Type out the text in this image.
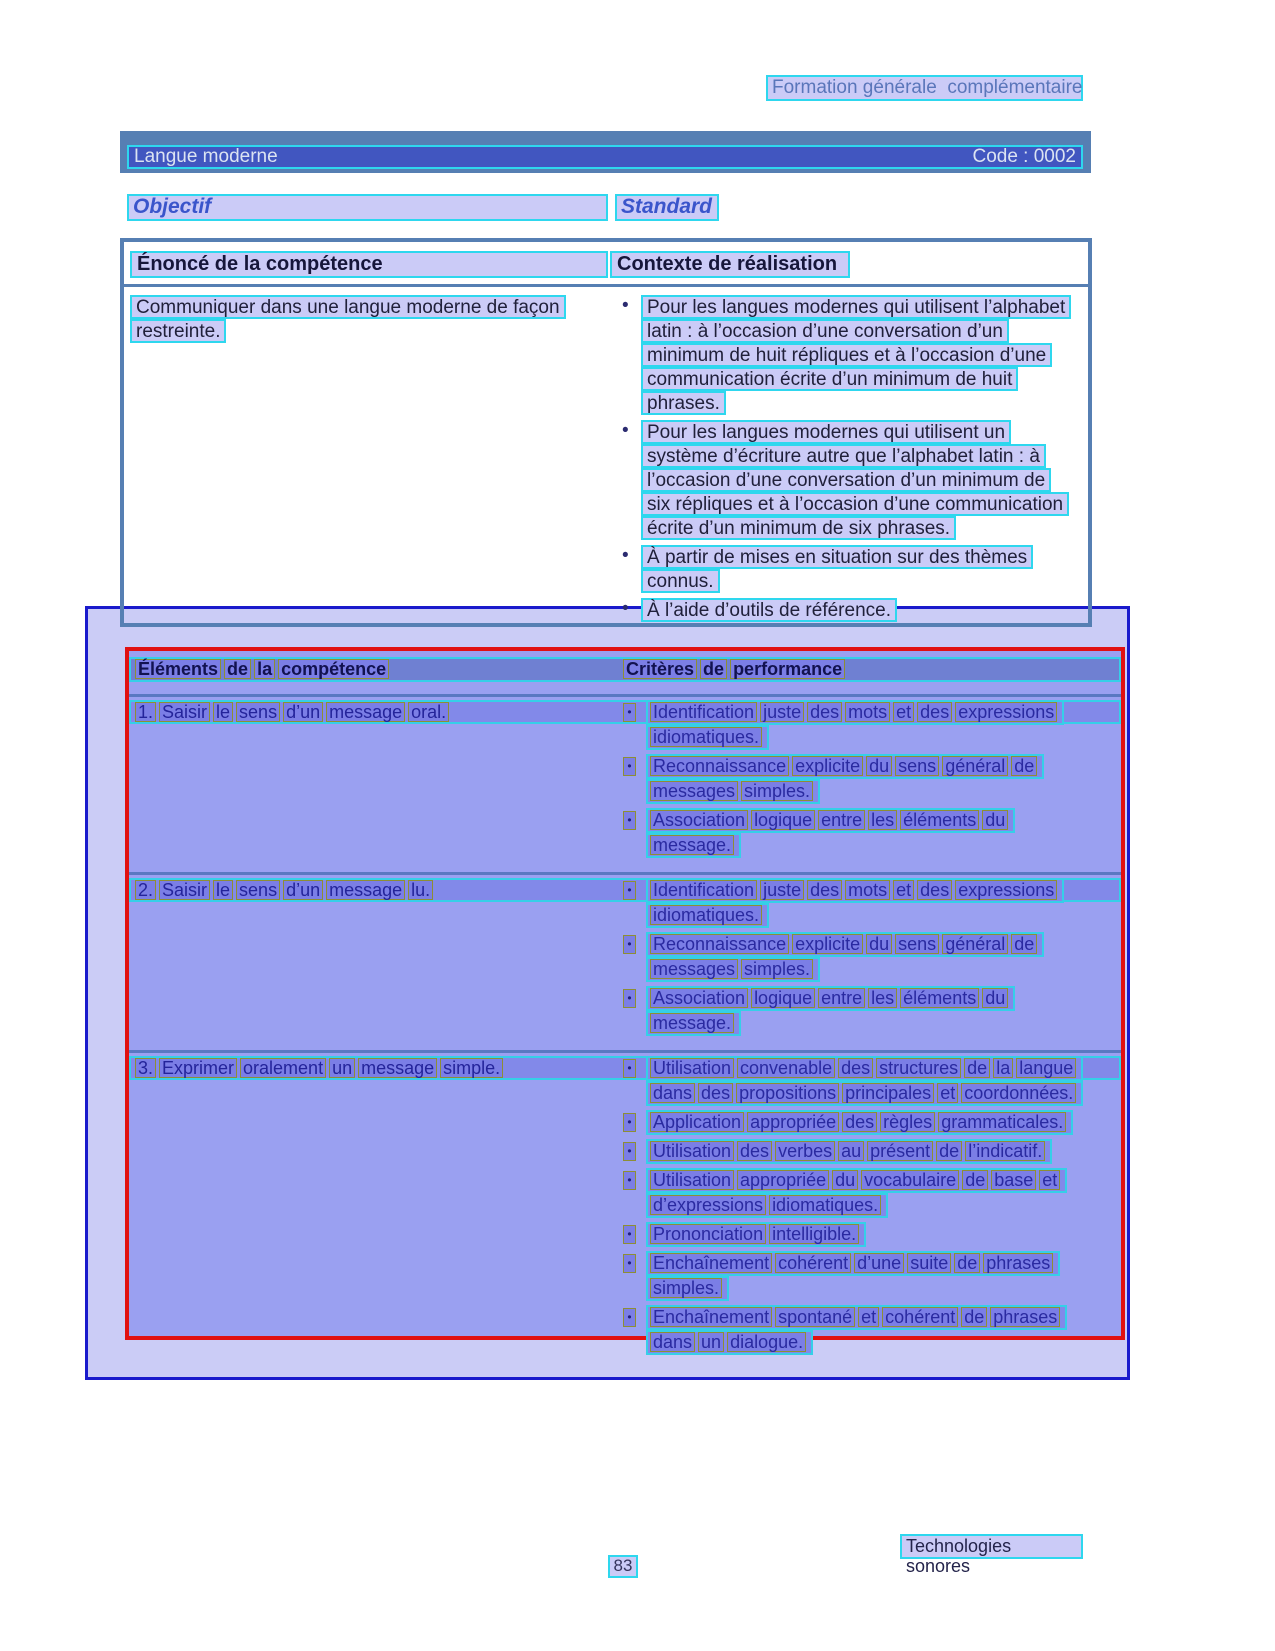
Formation générale  complémentaire
Langue moderne	Code : 0002
Objectif	Standard
Énoncé de la compétence	Contexte de réalisation
Communiquer dans une langue moderne de façon
restreinte.
• Pour les langues modernes qui utilisent l’alphabet
latin : à l’occasion d’une conversation d’un
minimum de huit répliques et à l’occasion d’une
communication écrite d’un minimum de huit
phrases.
• Pour les langues modernes qui utilisent un
système d’écriture autre que l’alphabet latin : à
l’occasion d’une conversation d’un minimum de
six répliques et à l’occasion d’une communication
écrite d’un minimum de six phrases.
• À partir de mises en situation sur des thèmes
connus.
• À l’aide d’outils de référence.
Éléments de la compétence	Critères de performance
1. Saisir le sens d’un message oral.	•	Identification juste des mots et des expressions
idiomatiques.
•	Reconnaissance explicite du sens général de
messages simples.
•	Association logique entre les éléments du
message.
2. Saisir le sens d’un message lu.	•	Identification juste des mots et des expressions
idiomatiques.
•	Reconnaissance explicite du sens général de
messages simples.
•	Association logique entre les éléments du
message.
3. Exprimer oralement un message simple.	•	Utilisation convenable des structures de la langue
dans des propositions principales et coordonnées.
•	Application appropriée des règles grammaticales.
•	Utilisation des verbes au présent de l’indicatif.
•	Utilisation appropriée du vocabulaire de base et
d’expressions idiomatiques.
•	Prononciation intelligible.
•	Enchaînement cohérent d’une suite de phrases
simples.
•	Enchaînement spontané et cohérent de phrases
dans un dialogue.
Technologies sonores
83
